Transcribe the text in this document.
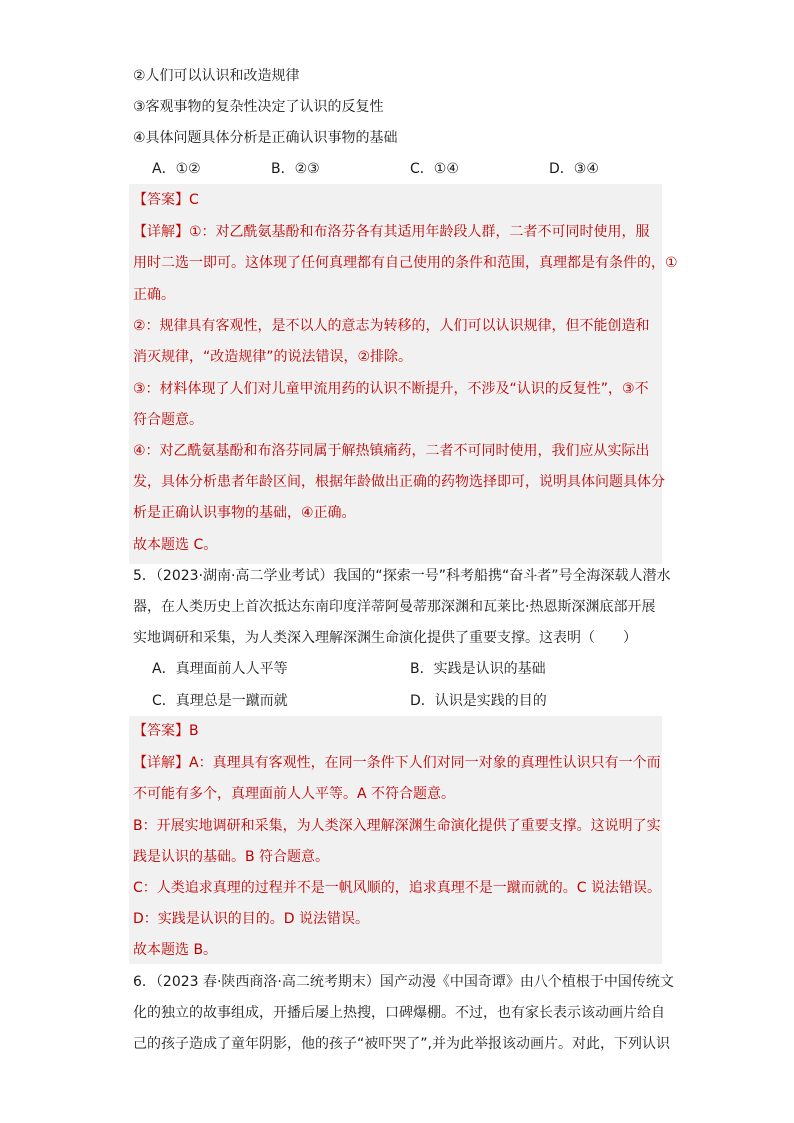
②人们可以认识和改造规律
③客观事物的复杂性决定了认识的反复性
④具体问题具体分析是正确认识事物的基础
A．①②	B．②③	C．①④	D．③④
【答案】C
【详解】①：对乙酰氨基酚和布洛芬各有其适用年龄段人群，二者不可同时使用，服
用时二选一即可。这体现了任何真理都有自己使用的条件和范围，真理都是有条件的，①
正确。
②：规律具有客观性，是不以人的意志为转移的，人们可以认识规律，但不能创造和
消灭规律，“改造规律”的说法错误，②排除。
③：材料体现了人们对儿童甲流用药的认识不断提升，不涉及“认识的反复性”，③不
符合题意。
④：对乙酰氨基酚和布洛芬同属于解热镇痛药，二者不可同时使用，我们应从实际出
发，具体分析患者年龄区间，根据年龄做出正确的药物选择即可，说明具体问题具体分
析是正确认识事物的基础，④正确。
故本题选 C。
5．（2023·湖南·高二学业考试）我国的“探索一号”科考船携“奋斗者”号全海深载人潜水
器，在人类历史上首次抵达东南印度洋蒂阿曼蒂那深渊和瓦莱比·热恩斯深渊底部开展
实地调研和采集，为人类深入理解深渊生命演化提供了重要支撑。这表明（　　）
A．真理面前人人平等	B．实践是认识的基础
C．真理总是一蹴而就	D．认识是实践的目的
【答案】B
【详解】A：真理具有客观性，在同一条件下人们对同一对象的真理性认识只有一个而
不可能有多个，真理面前人人平等。A 不符合题意。
B：开展实地调研和采集，为人类深入理解深渊生命演化提供了重要支撑。这说明了实
践是认识的基础。B 符合题意。
C：人类追求真理的过程并不是一帆风顺的，追求真理不是一蹴而就的。C 说法错误。
D：实践是认识的目的。D 说法错误。
故本题选 B。
6．（2023 春·陕西商洛·高二统考期末）国产动漫《中国奇谭》由八个植根于中国传统文
化的独立的故事组成，开播后屡上热搜，口碑爆棚。不过，也有家长表示该动画片给自
己的孩子造成了童年阴影，他的孩子“被吓哭了”,并为此举报该动画片。对此，下列认识
